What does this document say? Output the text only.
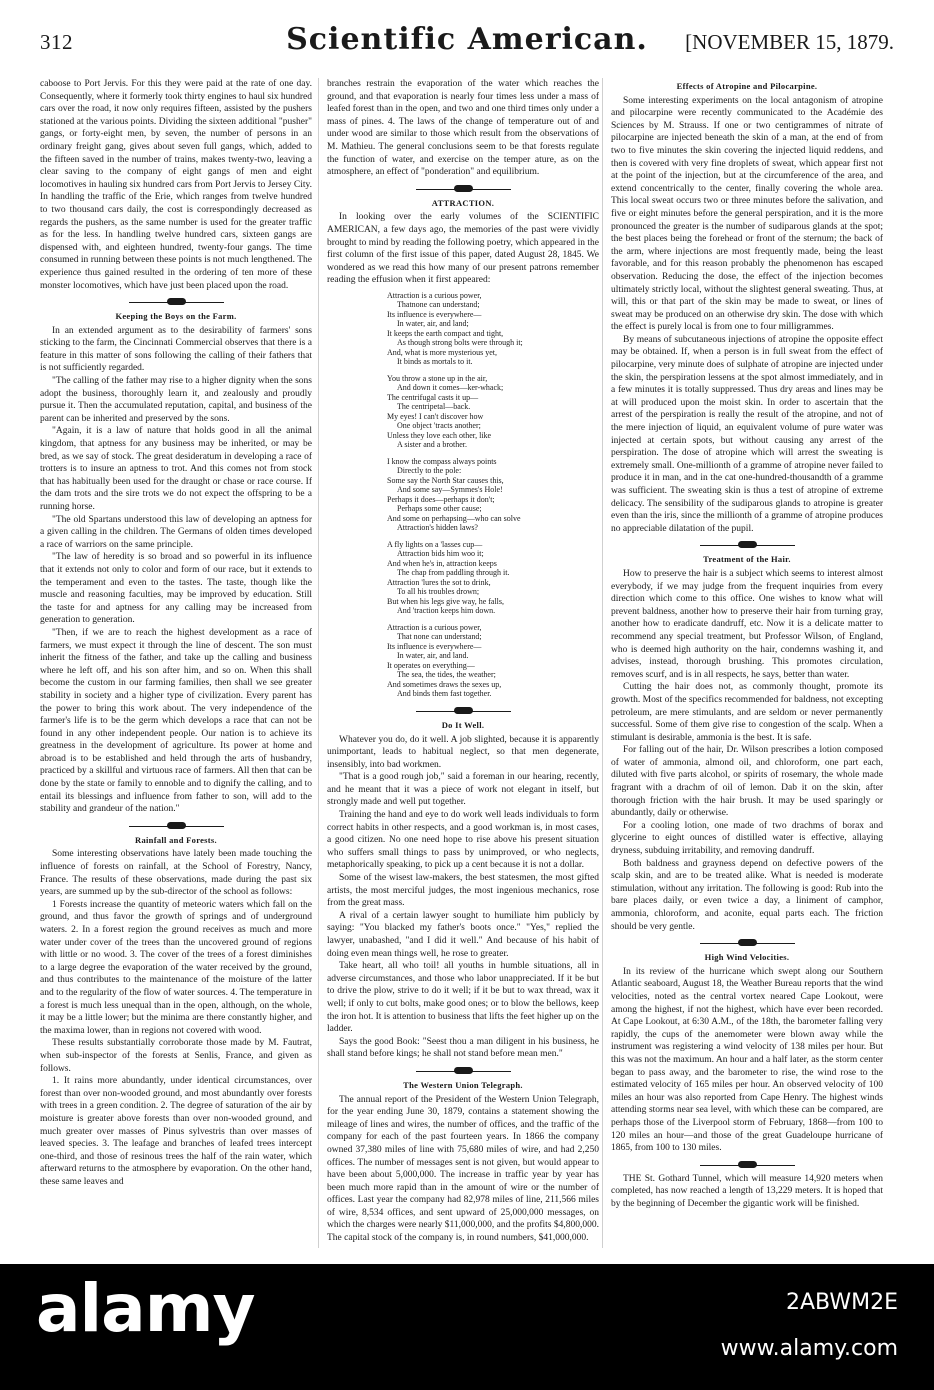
312	Scientific American.	[NOVEMBER 15, 1879.

caboose to Port Jervis. For this they were paid at the rate of one day. Consequently, where it formerly took thirty engines to haul six hundred cars over the road, it now only requires fifteen, assisted by the pushers stationed at the various points. Dividing the sixteen additional "pusher" gangs, or forty-eight men, by seven, the number of persons in an ordinary freight gang, gives about seven full gangs, which, added to the fifteen saved in the number of trains, makes twenty-two, leaving a clear saving to the company of eight gangs of men and eight locomotives in hauling six hundred cars from Port Jervis to Jersey City. In handling the traffic of the Erie, which ranges from twelve hundred to two thousand cars daily, the cost is correspondingly decreased as regards the pushers, as the same number is used for the greater traffic as for the less. In handling twelve hundred cars, sixteen gangs are dispensed with, and eighteen hundred, twenty-four gangs. The time consumed in running between these points is not much lengthened. The experience thus gained resulted in the ordering of ten more of these monster locomotives, which have just been placed upon the road.

Keeping the Boys on the Farm.

In an extended argument as to the desirability of farmers' sons sticking to the farm, the Cincinnati Commercial observes that there is a feature in this matter of sons following the calling of their fathers that is not sufficiently regarded.

"The calling of the father may rise to a higher dignity when the sons adopt the business, thoroughly learn it, and zealously and proudly pursue it. Then the accumulated reputation, capital, and business of the parent can be inherited and preserved by the sons.

"Again, it is a law of nature that holds good in all the animal kingdom, that aptness for any business may be inherited, or may be bred, as we say of stock. The great desideratum in developing a race of trotters is to insure an aptness to trot. And this comes not from stock that has habitually been used for the draught or chase or race course. If the dam trots and the sire trots we do not expect the offspring to be a running horse.

"The old Spartans understood this law of developing an aptness for a given calling in the children. The Germans of olden times developed a race of warriors on the same principle.

"The law of heredity is so broad and so powerful in its influence that it extends not only to color and form of our race, but it extends to the temperament and even to the tastes. The taste, though like the muscle and reasoning faculties, may be improved by education. Still the taste for and aptness for any calling may be increased from generation to generation.

"Then, if we are to reach the highest development as a race of farmers, we must expect it through the line of descent. The son must inherit the fitness of the father, and take up the calling and business where he left off, and his son after him, and so on. When this shall become the custom in our farming families, then shall we see greater stability in society and a higher type of civilization. Every parent has the power to bring this work about. The very independence of the farmer's life is to be the germ which develops a race that can not be found in any other independent people. Our nation is to achieve its greatness in the development of agriculture. Its power at home and abroad is to be established and held through the arts of husbandry, practiced by a skillful and virtuous race of farmers. All then that can be done by the state or family to ennoble and to dignify the calling, and to entail its blessings and influence from father to son, will add to the stability and grandeur of the nation."

Rainfall and Forests.

Some interesting observations have lately been made touching the influence of forests on rainfall, at the School of Forestry, Nancy, France. The results of these observations, made during the past six years, are summed up by the sub-director of the school as follows:

1 Forests increase the quantity of meteoric waters which fall on the ground, and thus favor the growth of springs and of underground waters. 2. In a forest region the ground receives as much and more water under cover of the trees than the uncovered ground of regions with little or no wood. 3. The cover of the trees of a forest diminishes to a large degree the evaporation of the water received by the ground, and thus contributes to the maintenance of the moisture of the latter and to the regularity of the flow of water sources. 4. The temperature in a forest is much less unequal than in the open, although, on the whole, it may be a little lower; but the minima are there constantly higher, and the maxima lower, than in regions not covered with wood.

These results substantially corroborate those made by M. Fautrat, when sub-inspector of the forests at Senlis, France, and given as follows.

1. It rains more abundantly, under identical circumstances, over forest than over non-wooded ground, and most abundantly over forests with trees in a green condition. 2. The degree of saturation of the air by moisture is greater above forests than over non-wooded ground, and much greater over masses of Pinus sylvestris than over masses of leaved species. 3. The leafage and branches of leafed trees intercept one-third, and those of resinous trees the half of the rain water, which afterward returns to the atmosphere by evaporation. On the other hand, these same leaves and

branches restrain the evaporation of the water which reaches the ground, and that evaporation is nearly four times less under a mass of leafed forest than in the open, and two and one third times only under a mass of pines. 4. The laws of the change of temperature out of and under wood are similar to those which result from the observations of M. Mathieu. The general conclusions seem to be that forests regulate the function of water, and exercise on the temper ature, as on the atmosphere, an effect of "ponderation" and equilibrium.

ATTRACTION.

In looking over the early volumes of the SCIENTIFIC AMERICAN, a few days ago, the memories of the past were vividly brought to mind by reading the following poetry, which appeared in the first column of the first issue of this paper, dated August 28, 1845. We wondered as we read this how many of our present patrons remember reading the effusion when it first appeared:

Attraction is a curious power,
Thatnone can understand;
Its influence is everywhere—
In water, air, and land;
It keeps the earth compact and tight,
As though strong bolts were through it;
And, what is more mysterious yet,
It binds as mortals to it.
You throw a stone up in the air,
And down it comes—ker-whack;
The centrifugal casts it up—
The centripetal—back.
My eyes! I can't discover how
One object 'tracts another;
Unless they love each other, like
A sister and a brother.
I know the compass always points
Directly to the pole:
Some say the North Star causes this,
And some say—Symmes's Hole!
Perhaps it does—perhaps it don't;
Perhaps some other cause;
And some on perhapsing—who can solve
Attraction's hidden laws?
A fly lights on a 'lasses cup—
Attraction bids him woo it;
And when he's in, attraction keeps
The chap from paddling through it.
Attraction 'lures the sot to drink,
To all his troubles drown;
But when his legs give way, he falls,
And 'traction keeps him down.
Attraction is a curious power,
That none can understand;
Its influence is everywhere—
In water, air, and land.
It operates on everything—
The sea, the tides, the weather;
And sometimes draws the sexes up,
And binds them fast together.
Do It Well.

Whatever you do, do it well. A job slighted, because it is apparently unimportant, leads to habitual neglect, so that men degenerate, insensibly, into bad workmen.

"That is a good rough job," said a foreman in our hearing, recently, and he meant that it was a piece of work not elegant in itself, but strongly made and well put together.

Training the hand and eye to do work well leads individuals to form correct habits in other respects, and a good workman is, in most cases, a good citizen. No one need hope to rise above his present situation who suffers small things to pass by unimproved, or who neglects, metaphorically speaking, to pick up a cent because it is not a dollar.

Some of the wisest law-makers, the best statesmen, the most gifted artists, the most merciful judges, the most ingenious mechanics, rose from the great mass.

A rival of a certain lawyer sought to humiliate him publicly by saying: "You blacked my father's boots once." "Yes," replied the lawyer, unabashed, "and I did it well." And because of his habit of doing even mean things well, he rose to greater.

Take heart, all who toil! all youths in humble situations, all in adverse circumstances, and those who labor unappreciated. If it be but to drive the plow, strive to do it well; if it be but to wax thread, wax it well; if only to cut bolts, make good ones; or to blow the bellows, keep the iron hot. It is attention to business that lifts the feet higher up on the ladder.

Says the good Book: "Seest thou a man diligent in his business, he shall stand before kings; he shall not stand before mean men."

The Western Union Telegraph.

The annual report of the President of the Western Union Telegraph, for the year ending June 30, 1879, contains a statement showing the mileage of lines and wires, the number of offices, and the traffic of the company for each of the past fourteen years. In 1866 the company owned 37,380 miles of line with 75,680 miles of wire, and had 2,250 offices. The number of messages sent is not given, but would appear to have been about 5,000,000. The increase in traffic year by year has been much more rapid than in the amount of wire or the number of offices. Last year the company had 82,978 miles of line, 211,566 miles of wire, 8,534 offices, and sent upward of 25,000,000 messages, on which the charges were nearly $11,000,000, and the profits $4,800,000. The capital stock of the company is, in round numbers, $41,000,000.

Effects of Atropine and Pilocarpine.

Some interesting experiments on the local antagonism of atropine and pilocarpine were recently communicated to the Académie des Sciences by M. Strauss. If one or two centigrammes of nitrate of pilocarpine are injected beneath the skin of a man, at the end of from two to five minutes the skin covering the injected liquid reddens, and then is covered with very fine droplets of sweat, which appear first not at the point of the injection, but at the circumference of the area, and extend concentrically to the center, finally covering the whole area. This local sweat occurs two or three minutes before the salivation, and five or eight minutes before the general perspiration, and it is the more pronounced the greater is the number of sudiparous glands at the spot; the best places being the forehead or front of the sternum; the back of the arm, where injections are most frequently made, being the least favorable, and for this reason probably the phenomenon has escaped observation. Reducing the dose, the effect of the injection becomes ultimately strictly local, without the slightest general sweating. Thus, at will, this or that part of the skin may be made to sweat, or lines of sweat may be produced on an otherwise dry skin. The dose with which the effect is purely local is from one to four milligrammes.

By means of subcutaneous injections of atropine the opposite effect may be obtained. If, when a person is in full sweat from the effect of pilocarpine, very minute does of sulphate of atropine are injected under the skin, the perspiration lessens at the spot almost immediately, and in a few minutes it is totally suppressed. Thus dry areas and lines may be at will produced upon the moist skin. In order to ascertain that the arrest of the perspiration is really the result of the atropine, and not of the mere injection of liquid, an equivalent volume of pure water was injected at certain spots, but without causing any arrest of the perspiration. The dose of atropine which will arrest the sweating is extremely small. One-millionth of a gramme of atropine never failed to produce it in man, and in the cat one-hundred-thousandth of a gramme was sufficient. The sweating skin is thus a test of atropine of extreme delicacy. The sensibility of the sudiparous glands to atropine is greater even than the iris, since the millionth of a gramme of atropine produces no appreciable dilatation of the pupil.

Treatment of the Hair.

How to preserve the hair is a subject which seems to interest almost everybody, if we may judge from the frequent inquiries from every direction which come to this office. One wishes to know what will prevent baldness, another how to preserve their hair from turning gray, another how to eradicate dandruff, etc. Now it is a delicate matter to recommend any special treatment, but Professor Wilson, of England, who is deemed high authority on the hair, condemns washing it, and advises, instead, thorough brushing. This promotes circulation, removes scurf, and is in all respects, he says, better than water.

Cutting the hair does not, as commonly thought, promote its growth. Most of the specifics recommended for baldness, not excepting petroleum, are mere stimulants, and are seldom or never permanently successful. Some of them give rise to congestion of the scalp. When a stimulant is desirable, ammonia is the best. It is safe.

For falling out of the hair, Dr. Wilson prescribes a lotion composed of water of ammonia, almond oil, and chloroform, one part each, diluted with five parts alcohol, or spirits of rosemary, the whole made fragrant with a drachm of oil of lemon. Dab it on the skin, after thorough friction with the hair brush. It may be used sparingly or abundantly, daily or otherwise.

For a cooling lotion, one made of two drachms of borax and glycerine to eight ounces of distilled water is effective, allaying dryness, subduing irritability, and removing dandruff.

Both baldness and grayness depend on defective powers of the scalp skin, and are to be treated alike. What is needed is moderate stimulation, without any irritation. The following is good: Rub into the bare places daily, or even twice a day, a liniment of camphor, ammonia, chloroform, and aconite, equal parts each. The friction should be very gentle.

High Wind Velocities.

In its review of the hurricane which swept along our Southern Atlantic seaboard, August 18, the Weather Bureau reports that the wind velocities, noted as the central vortex neared Cape Lookout, were among the highest, if not the highest, which have ever been recorded. At Cape Lookout, at 6:30 A.M., of the 18th, the barometer falling very rapidly, the cups of the anemometer were blown away while the instrument was registering a wind velocity of 138 miles per hour. But this was not the maximum. An hour and a half later, as the storm center began to pass away, and the barometer to rise, the wind rose to the estimated velocity of 165 miles per hour. An observed velocity of 100 miles an hour was also reported from Cape Henry. The highest winds attending storms near sea level, with which these can be compared, are perhaps those of the Liverpool storm of February, 1868—from 100 to 120 miles an hour—and those of the great Guadeloupe hurricane of 1865, from 100 to 130 miles.

THE St. Gothard Tunnel, which will measure 14,920 meters when completed, has now reached a length of 13,229 meters. It is hoped that by the beginning of December the gigantic work will be finished.

alamy	2ABWM2E
www.alamy.com
